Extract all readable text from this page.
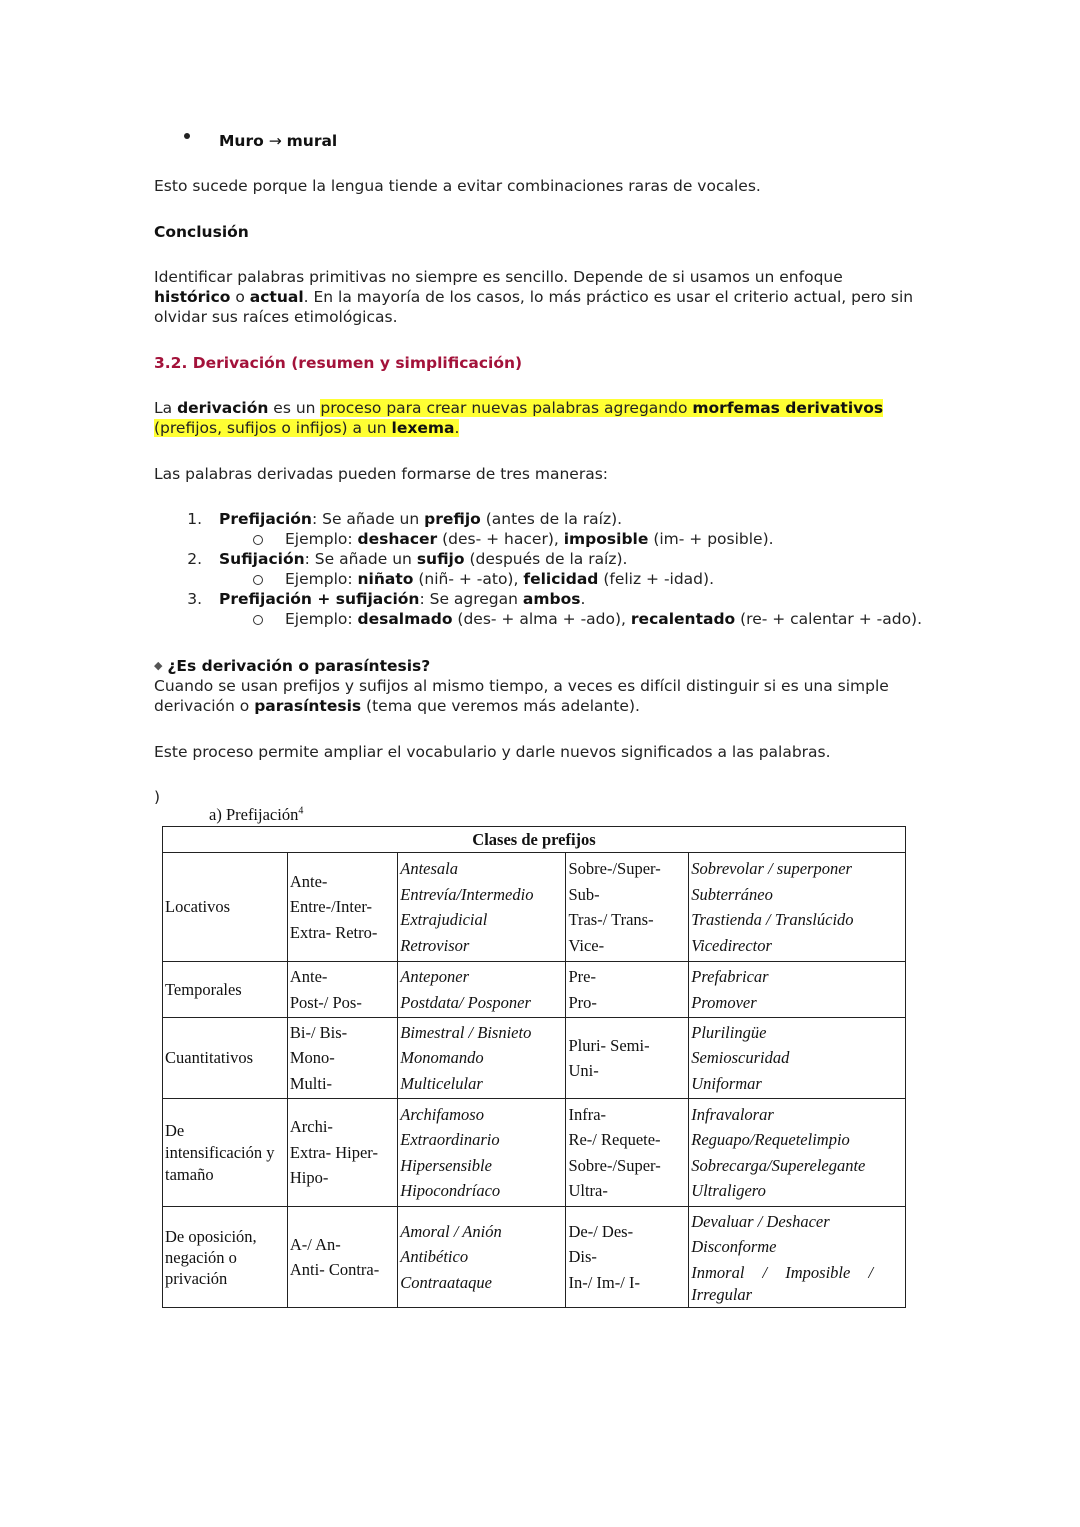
Muro → mural
Esto sucede porque la lengua tiende a evitar combinaciones raras de vocales.
Conclusión
Identificar palabras primitivas no siempre es sencillo. Depende de si usamos un enfoque histórico o actual. En la mayoría de los casos, lo más práctico es usar el criterio actual, pero sin olvidar sus raíces etimológicas.
3.2. Derivación (resumen y simplificación)
La derivación es un proceso para crear nuevas palabras agregando morfemas derivativos (prefijos, sufijos o infijos) a un lexema.
Las palabras derivadas pueden formarse de tres maneras:
1. Prefijación: Se añade un prefijo (antes de la raíz).
Ejemplo: deshacer (des- + hacer), imposible (im- + posible).
2. Sufijación: Se añade un sufijo (después de la raíz).
Ejemplo: niñato (niñ- + -ato), felicidad (feliz + -idad).
3. Prefijación + sufijación: Se agregan ambos.
Ejemplo: desalmado (des- + alma + -ado), recalentado (re- + calentar + -ado).
◆ ¿Es derivación o parasíntesis?
Cuando se usan prefijos y sufijos al mismo tiempo, a veces es difícil distinguir si es una simple derivación o parasíntesis (tema que veremos más adelante).
Este proceso permite ampliar el vocabulario y darle nuevos significados a las palabras.
)
a) Prefijación$^4$
Clases de prefijos				

Locativos	Ante-
Entre-/Inter-
Extra- Retro-	Antesala
Entrevía/Intermedio
Extrajudicial
Retrovisor	Sobre-/Super-
Sub-
Tras-/ Trans-
Vice-	Sobrevolar / superponer
Subterráneo
Trastienda / Translúcido
Vicedirector

Temporales	Ante-
Post-/ Pos-	Anteponer
Postdata/ Posponer	Pre-
Pro-	Prefabricar
Promover

Cuantitativos	Bi-/ Bis-
Mono-
Multi-	Bimestral / Bisnieto
Monomando
Multicelular	Pluri- Semi-
Uni-	Plurilingüe
Semioscuridad
Uniformar

De
intensificación y
tamaño	Archi-
Extra- Hiper-
Hipo-	Archifamoso
Extraordinario
Hipersensible
Hipocondríaco	Infra-
Re-/ Requete-
Sobre-/Super-
Ultra-	Infravalorar
Reguapo/Requetelimpio
Sobrecarga/Superelegante
Ultraligero

De oposición,
negación o
privación	A-/ An-
Anti- Contra-	Amoral / Anión
Antibético
Contraataque	De-/ Des-
Dis-
In-/ Im-/ I-	Devaluar / Deshacer
Disconforme
Inmoral / Imposible /
Irregular
